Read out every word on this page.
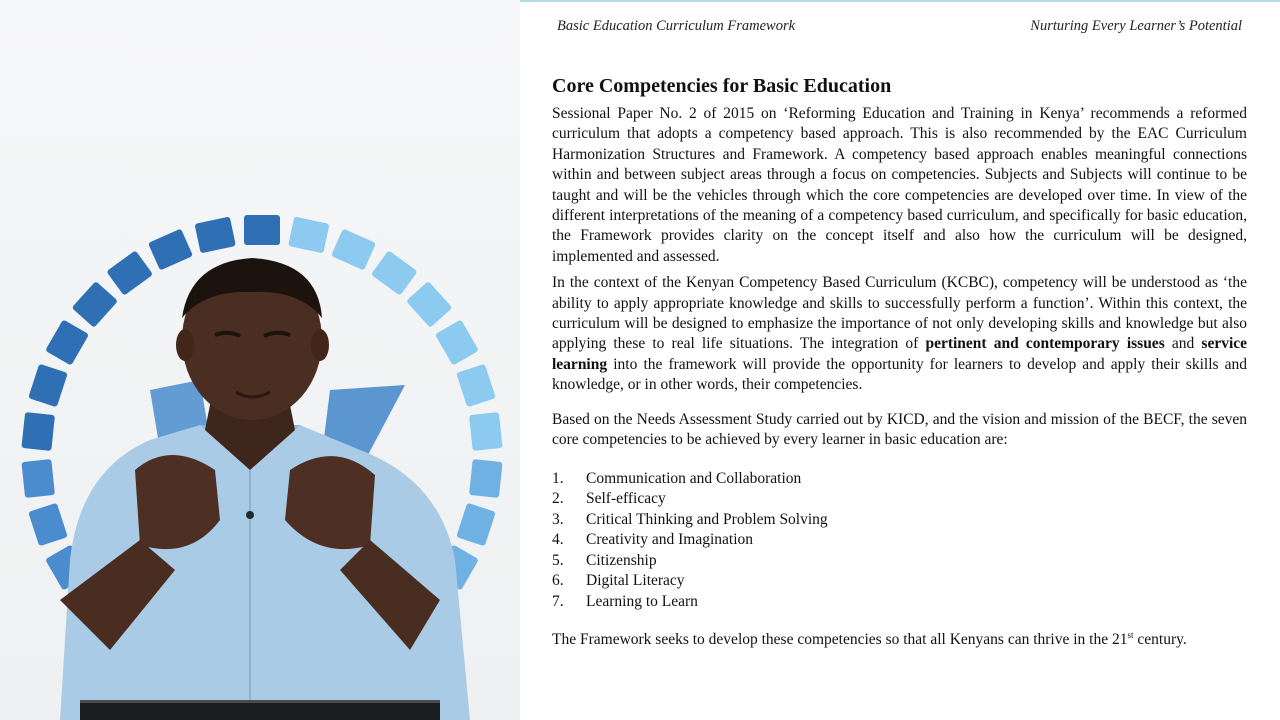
Basic Education Curriculum Framework	Nurturing Every Learner’s Potential
Core Competencies for Basic Education

Sessional Paper No. 2 of 2015 on ‘Reforming Education and Training in Kenya’ recommends a reformed curriculum that adopts a competency based approach. This is also recommended by the EAC Curriculum Harmonization Structures and Framework. A competency based approach enables meaningful connections within and between subject areas through a focus on competencies. Subjects and Subjects will continue to be taught and will be the vehicles through which the core competencies are developed over time. In view of the different interpretations of the meaning of a competency based curriculum, and specifically for basic education, the Framework provides clarity on the concept itself and also how the curriculum will be designed, implemented and assessed.

In the context of the Kenyan Competency Based Curriculum (KCBC), competency will be understood as ‘the ability to apply appropriate knowledge and skills to successfully perform a function’. Within this context, the curriculum will be designed to emphasize the importance of not only developing skills and knowledge but also applying these to real life situations. The integration of pertinent and contemporary issues and service learning into the framework will provide the opportunity for learners to develop and apply their skills and knowledge, or in other words, their competencies.

Based on the Needs Assessment Study carried out by KICD, and the vision and mission of the BECF, the seven core competencies to be achieved by every learner in basic education are:

1. Communication and Collaboration
2. Self-efficacy
3. Critical Thinking and Problem Solving
4. Creativity and Imagination
5. Citizenship
6. Digital Literacy
7. Learning to Learn

The Framework seeks to develop these competencies so that all Kenyans can thrive in the 21st century.
